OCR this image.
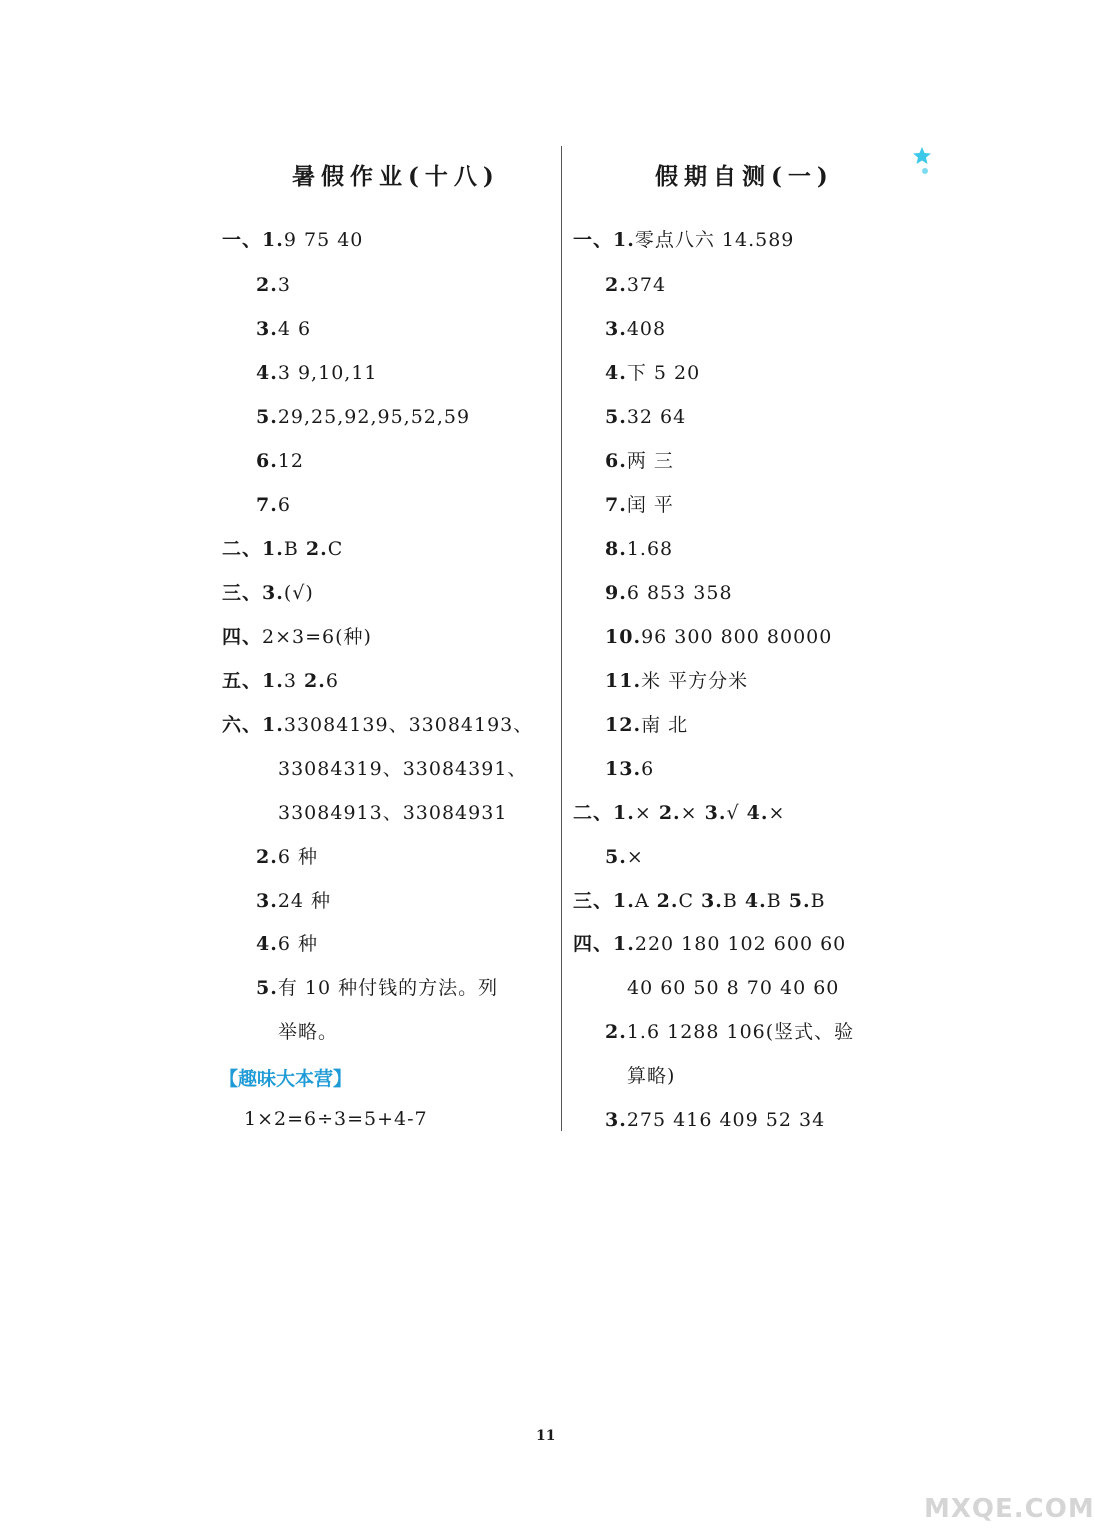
暑假作业(十八)
一、1.9 75 40
2.3
3.4 6
4.3 9,10,11
5.29,25,92,95,52,59
6.12
7.6
二、1.B 2.C
三、3.(√)
四、2×3=6(种)
五、1.3 2.6
六、1.33084139、33084193、
33084319、33084391、
33084913、33084931
2.6 种
3.24 种
4.6 种
5.有 10 种付钱的方法。列
举略。
假期自测(一)
一、1.零点八六 14.589
2.374
3.408
4.下 5 20
5.32 64
6.两 三
7.闰 平
8.1.68
9.6 853 358
10.96 300 800 80000
11.米 平方分米
12.南 北
13.6
二、1.× 2.× 3.√ 4.×
5.×
三、1.A 2.C 3.B 4.B 5.B
四、1.220 180 102 600 60
40 60 50 8 70 40 60
2.1.6 1288 106(竖式、验
算略)
3.275 416 409 52 34
【趣味大本营】
1×2=6÷3=5+4-7
11
MXQE.COM
